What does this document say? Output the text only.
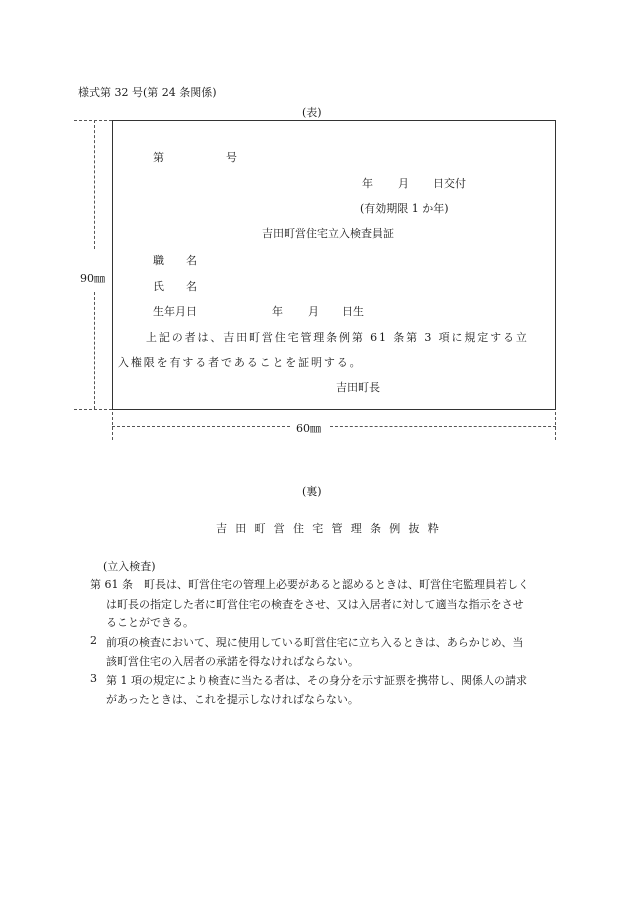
様式第 32 号(第 24 条関係)
(表)
90㎜
第	号
年 月 日交付
(有効期限 1 か年)
吉田町営住宅立入検査員証
職　　名
氏　　名
生年月日	年 月 日生
上記の者は、吉田町営住宅管理条例第 61 条第 3 項に規定する立
入権限を有する者であることを証明する。
吉田町長
60㎜
(裏)
吉田町営住宅管理条例抜粋
(立入検査)
第 61 条　町長は、町営住宅の管理上必要があると認めるときは、町営住宅監理員若しく
は町長の指定した者に町営住宅の検査をさせ、又は入居者に対して適当な指示をさせ
ることができる。
2 前項の検査において、現に使用している町営住宅に立ち入るときは、あらかじめ、当
該町営住宅の入居者の承諾を得なければならない。
3 第 1 項の規定により検査に当たる者は、その身分を示す証票を携帯し、関係人の請求
があったときは、これを提示しなければならない。
